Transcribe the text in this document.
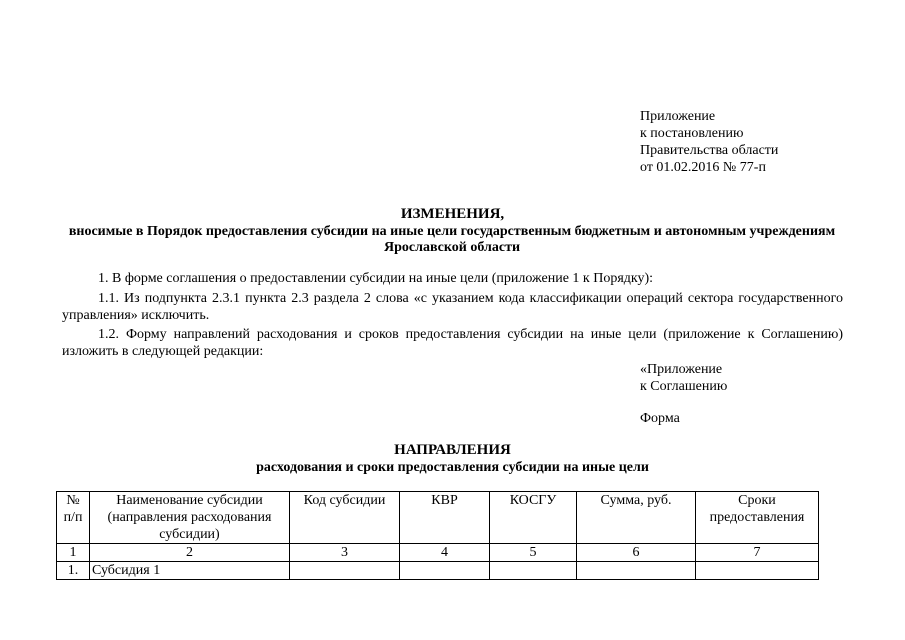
Приложение
к постановлению
Правительства области
от 01.02.2016 № 77-п
ИЗМЕНЕНИЯ,
вносимые в Порядок предоставления субсидии на иные цели государственным бюджетным и автономным учреждениям Ярославской области
1. В форме соглашения о предоставлении субсидии на иные цели (приложение 1 к Порядку):
1.1. Из подпункта 2.3.1 пункта 2.3 раздела 2 слова «с указанием кода классификации операций сектора государственного управления» исключить.
1.2. Форму направлений расходования и сроков предоставления субсидии на иные цели (приложение к Соглашению) изложить в следующей редакции:
«Приложение
к Соглашению
Форма
НАПРАВЛЕНИЯ
расходования и сроки предоставления субсидии на иные цели
№ п/п	Наименование субсидии (направления расходования субсидии)	Код субсидии	КВР	КОСГУ	Сумма, руб.	Сроки предоставления
1	2	3	4	5	6	7
1.	Субсидия 1					
